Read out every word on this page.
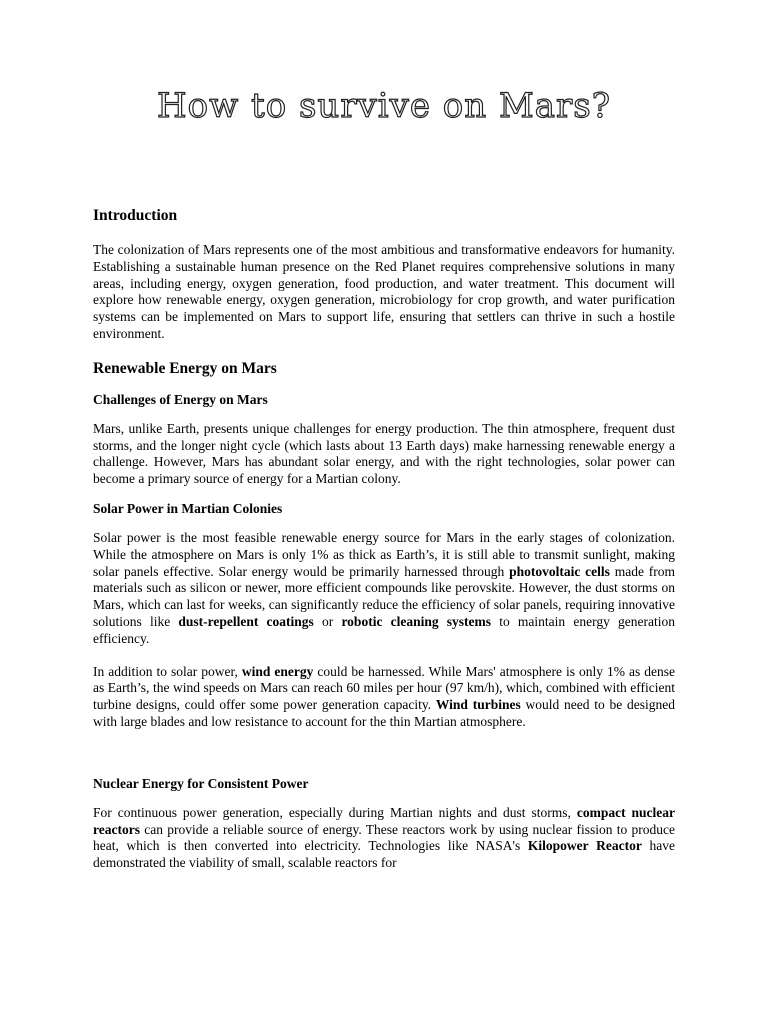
How to survive on Mars?
Introduction

The colonization of Mars represents one of the most ambitious and transformative endeavors for humanity. Establishing a sustainable human presence on the Red Planet requires comprehensive solutions in many areas, including energy, oxygen generation, food production, and water treatment. This document will explore how renewable energy, oxygen generation, microbiology for crop growth, and water purification systems can be implemented on Mars to support life, ensuring that settlers can thrive in such a hostile environment.

Renewable Energy on Mars
Challenges of Energy on Mars

Mars, unlike Earth, presents unique challenges for energy production. The thin atmosphere, frequent dust storms, and the longer night cycle (which lasts about 13 Earth days) make harnessing renewable energy a challenge. However, Mars has abundant solar energy, and with the right technologies, solar power can become a primary source of energy for a Martian colony.

Solar Power in Martian Colonies

Solar power is the most feasible renewable energy source for Mars in the early stages of colonization. While the atmosphere on Mars is only 1% as thick as Earth’s, it is still able to transmit sunlight, making solar panels effective. Solar energy would be primarily harnessed through photovoltaic cells made from materials such as silicon or newer, more efficient compounds like perovskite. However, the dust storms on Mars, which can last for weeks, can significantly reduce the efficiency of solar panels, requiring innovative solutions like dust-repellent coatings or robotic cleaning systems to maintain energy generation efficiency.

In addition to solar power, wind energy could be harnessed. While Mars' atmosphere is only 1% as dense as Earth’s, the wind speeds on Mars can reach 60 miles per hour (97 km/h), which, combined with efficient turbine designs, could offer some power generation capacity. Wind turbines would need to be designed with large blades and low resistance to account for the thin Martian atmosphere.

Nuclear Energy for Consistent Power

For continuous power generation, especially during Martian nights and dust storms, compact nuclear reactors can provide a reliable source of energy. These reactors work by using nuclear fission to produce heat, which is then converted into electricity. Technologies like NASA's Kilopower Reactor have demonstrated the viability of small, scalable reactors for
